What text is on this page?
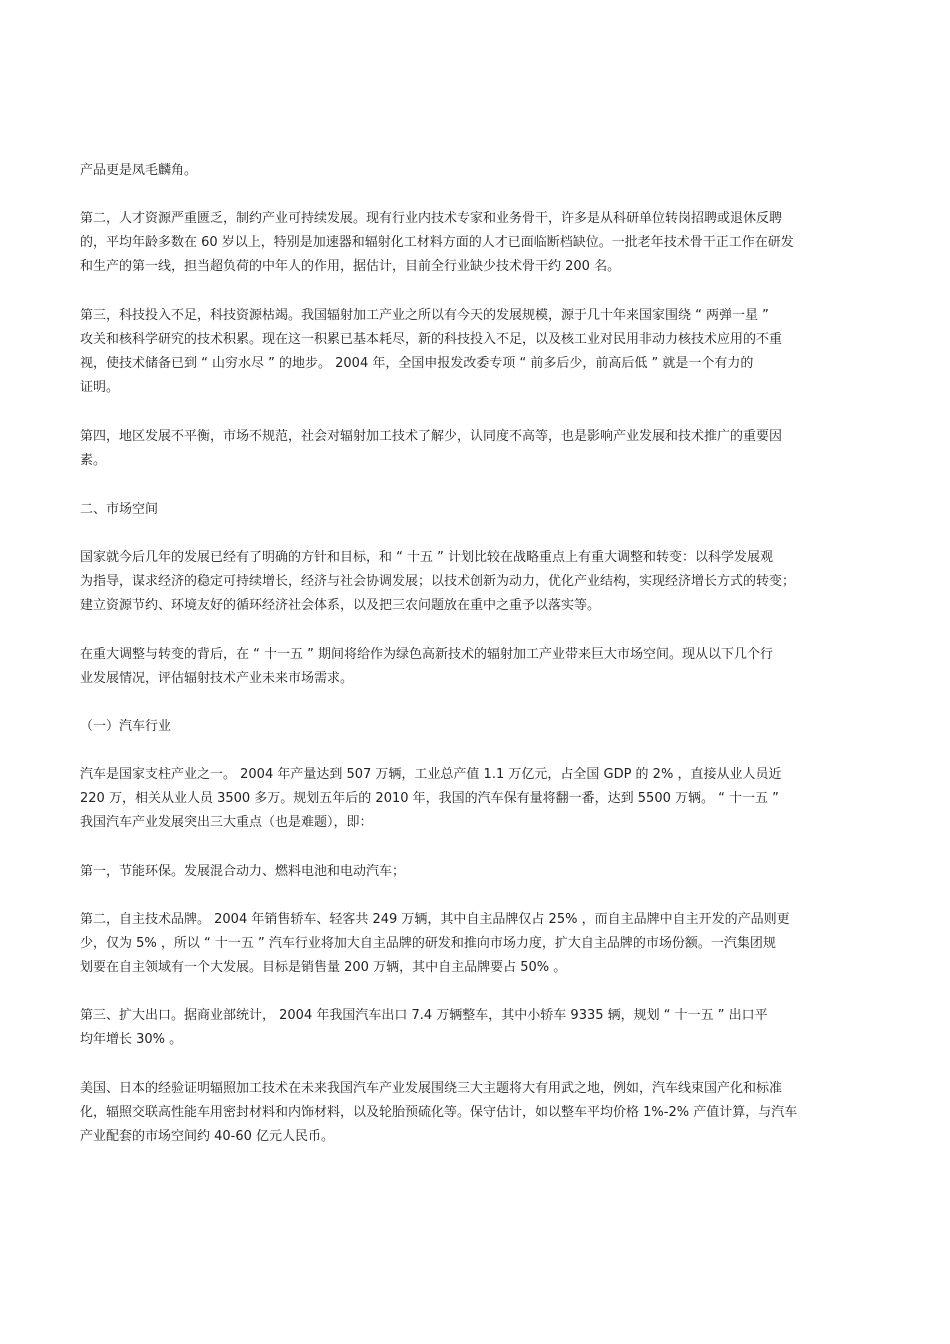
产品更是凤毛麟角。

第二，人才资源严重匮乏，制约产业可持续发展。现有行业内技术专家和业务骨干，许多是从科研单位转岗招聘或退休反聘
的，平均年龄多数在 60 岁以上，特别是加速器和辐射化工材料方面的人才已面临断档缺位。一批老年技术骨干正工作在研发
和生产的第一线，担当超负荷的中年人的作用，据估计，目前全行业缺少技术骨干约 200 名。

第三，科技投入不足，科技资源枯竭。我国辐射加工产业之所以有今天的发展规模，源于几十年来国家围绕 “ 两弹一星 ”
攻关和核科学研究的技术积累。现在这一积累已基本耗尽，新的科技投入不足，以及核工业对民用非动力核技术应用的不重
视，使技术储备已到 “ 山穷水尽 ” 的地步。 2004 年，全国申报发改委专项 “ 前多后少，前高后低 ” 就是一个有力的
证明。

第四，地区发展不平衡，市场不规范，社会对辐射加工技术了解少，认同度不高等，也是影响产业发展和技术推广的重要因
素。

二、市场空间

国家就今后几年的发展已经有了明确的方针和目标，和 “ 十五 ” 计划比较在战略重点上有重大调整和转变：以科学发展观
为指导，谋求经济的稳定可持续增长，经济与社会协调发展；以技术创新为动力，优化产业结构，实现经济增长方式的转变；
建立资源节约、环境友好的循环经济社会体系，以及把三农问题放在重中之重予以落实等。

在重大调整与转变的背后，在 “ 十一五 ” 期间将给作为绿色高新技术的辐射加工产业带来巨大市场空间。现从以下几个行
业发展情况，评估辐射技术产业未来市场需求。

（一）汽车行业

汽车是国家支柱产业之一。 2004 年产量达到 507 万辆，工业总产值 1.1 万亿元，占全国 GDP 的 2% ，直接从业人员近
220 万，相关从业人员 3500 多万。规划五年后的 2010 年，我国的汽车保有量将翻一番，达到 5500 万辆。 “ 十一五 ”
我国汽车产业发展突出三大重点（也是难题），即：

第一，节能环保。发展混合动力、燃料电池和电动汽车；

第二，自主技术品牌。 2004 年销售轿车、轻客共 249 万辆，其中自主品牌仅占 25% ，而自主品牌中自主开发的产品则更
少，仅为 5% ，所以 “ 十一五 ” 汽车行业将加大自主品牌的研发和推向市场力度，扩大自主品牌的市场份额。一汽集团规
划要在自主领域有一个大发展。目标是销售量 200 万辆，其中自主品牌要占 50% 。

第三、扩大出口。据商业部统计， 2004 年我国汽车出口 7.4 万辆整车，其中小轿车 9335 辆，规划 “ 十一五 ” 出口平
均年增长 30% 。

美国、日本的经验证明辐照加工技术在未来我国汽车产业发展围绕三大主题将大有用武之地，例如，汽车线束国产化和标准
化，辐照交联高性能车用密封材料和内饰材料，以及轮胎预硫化等。保守估计，如以整车平均价格 1%-2% 产值计算，与汽车
产业配套的市场空间约 40-60 亿元人民币。
